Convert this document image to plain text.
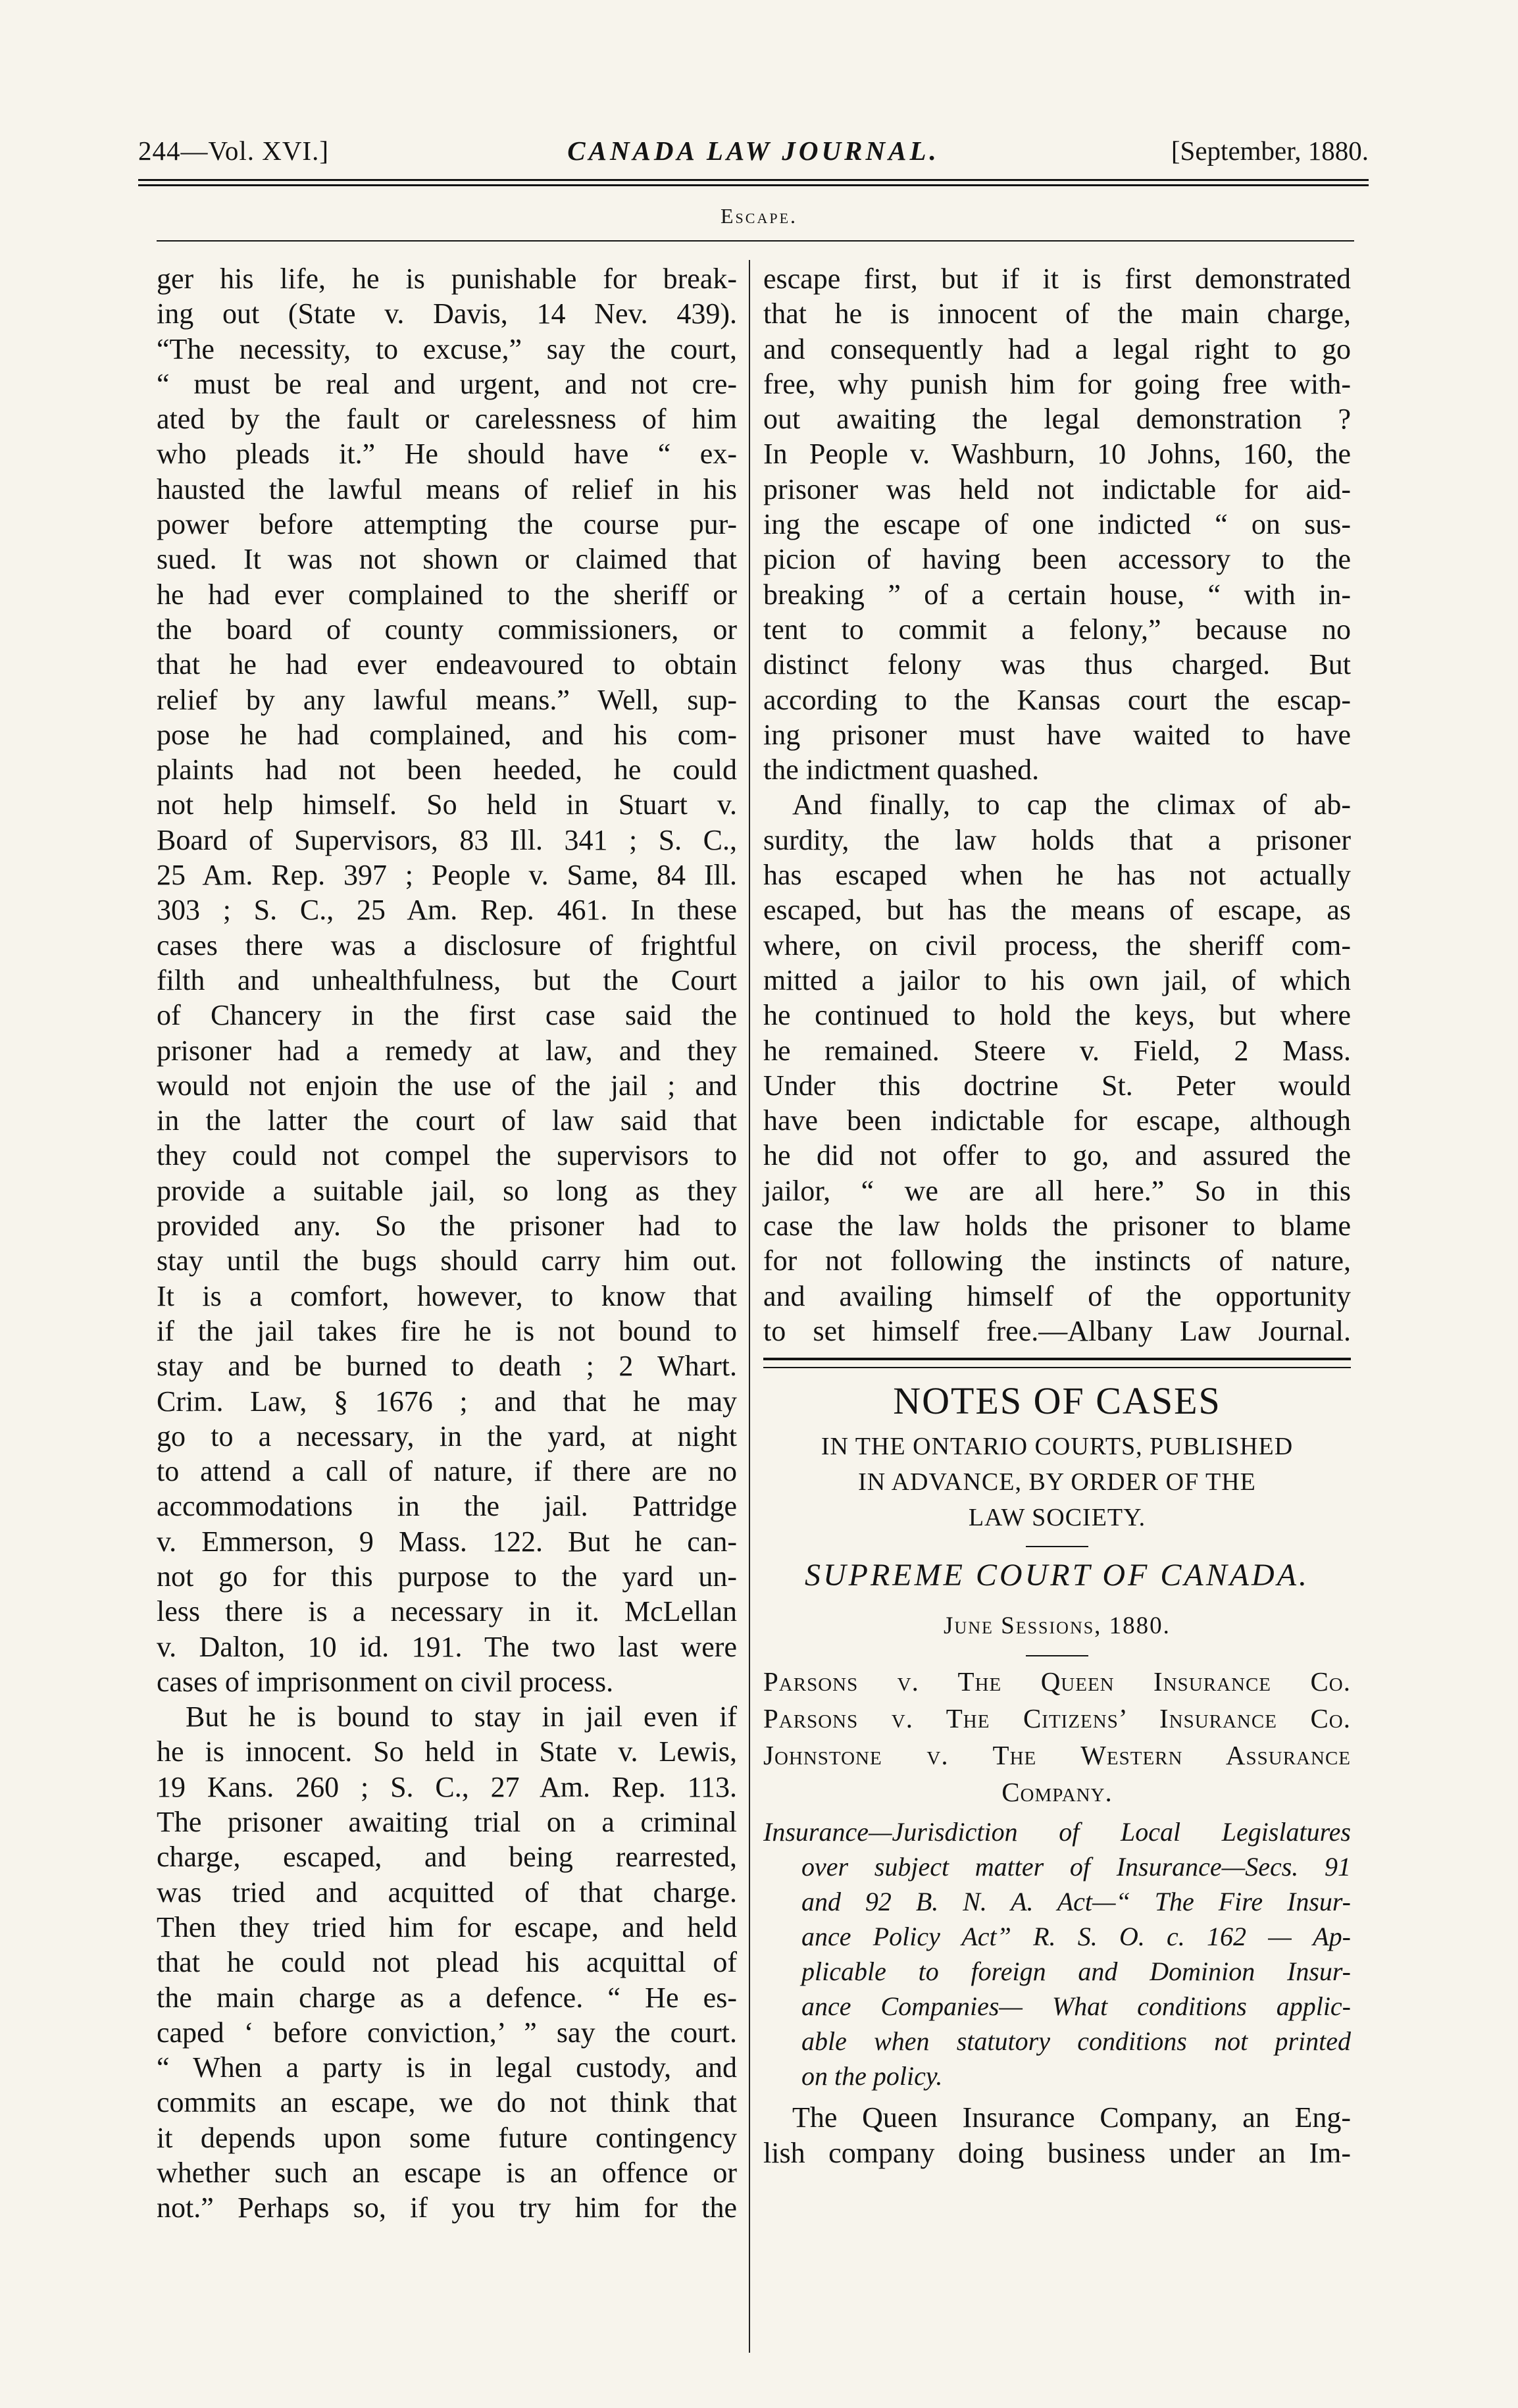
244—Vol. XVI.]	CANADA LAW JOURNAL.	[September, 1880.
Escape.
ger his life, he is punishable for break-
ing out (State v. Davis, 14 Nev. 439).
“The necessity, to excuse,” say the court,
“ must be real and urgent, and not cre-
ated by the fault or carelessness of him
who pleads it.” He should have “ ex-
hausted the lawful means of relief in his
power before attempting the course pur-
sued. It was not shown or claimed that
he had ever complained to the sheriff or
the board of county commissioners, or
that he had ever endeavoured to obtain
relief by any lawful means.” Well, sup-
pose he had complained, and his com-
plaints had not been heeded, he could
not help himself. So held in Stuart v.
Board of Supervisors, 83 Ill. 341 ; S. C.,
25 Am. Rep. 397 ; People v. Same, 84 Ill.
303 ; S. C., 25 Am. Rep. 461. In these
cases there was a disclosure of frightful
filth and unhealthfulness, but the Court
of Chancery in the first case said the
prisoner had a remedy at law, and they
would not enjoin the use of the jail ; and
in the latter the court of law said that
they could not compel the supervisors to
provide a suitable jail, so long as they
provided any. So the prisoner had to
stay until the bugs should carry him out.
It is a comfort, however, to know that
if the jail takes fire he is not bound to
stay and be burned to death ; 2 Whart.
Crim. Law, § 1676 ; and that he may
go to a necessary, in the yard, at night
to attend a call of nature, if there are no
accommodations in the jail. Pattridge
v. Emmerson, 9 Mass. 122. But he can-
not go for this purpose to the yard un-
less there is a necessary in it. McLellan
v. Dalton, 10 id. 191. The two last were
cases of imprisonment on civil process.
But he is bound to stay in jail even if
he is innocent. So held in State v. Lewis,
19 Kans. 260 ; S. C., 27 Am. Rep. 113.
The prisoner awaiting trial on a criminal
charge, escaped, and being rearrested,
was tried and acquitted of that charge.
Then they tried him for escape, and held
that he could not plead his acquittal of
the main charge as a defence. “ He es-
caped ‘ before conviction,’ ” say the court.
“ When a party is in legal custody, and
commits an escape, we do not think that
it depends upon some future contingency
whether such an escape is an offence or
not.” Perhaps so, if you try him for the
escape first, but if it is first demonstrated
that he is innocent of the main charge,
and consequently had a legal right to go
free, why punish him for going free with-
out awaiting the legal demonstration ?
In People v. Washburn, 10 Johns, 160, the
prisoner was held not indictable for aid-
ing the escape of one indicted “ on sus-
picion of having been accessory to the
breaking ” of a certain house, “ with in-
tent to commit a felony,” because no
distinct felony was thus charged. But
according to the Kansas court the escap-
ing prisoner must have waited to have
the indictment quashed.
And finally, to cap the climax of ab-
surdity, the law holds that a prisoner
has escaped when he has not actually
escaped, but has the means of escape, as
where, on civil process, the sheriff com-
mitted a jailor to his own jail, of which
he continued to hold the keys, but where
he remained. Steere v. Field, 2 Mass.
Under this doctrine St. Peter would
have been indictable for escape, although
he did not offer to go, and assured the
jailor, “ we are all here.” So in this
case the law holds the prisoner to blame
for not following the instincts of nature,
and availing himself of the opportunity
to set himself free.—Albany Law Journal.
NOTES OF CASES
IN THE ONTARIO COURTS, PUBLISHED
IN ADVANCE, BY ORDER OF THE
LAW SOCIETY.
SUPREME COURT OF CANADA.
June Sessions, 1880.
Parsons v. The Queen Insurance Co.
Parsons v. The Citizens’ Insurance Co.
Johnstone v. The Western Assurance
Company.
Insurance—Jurisdiction of Local Legislatures
over subject matter of Insurance—Secs. 91
and 92 B. N. A. Act—“ The Fire Insur-
ance Policy Act” R. S. O. c. 162 — Ap-
plicable to foreign and Dominion Insur-
ance Companies— What conditions applic-
able when statutory conditions not printed
on the policy.
The Queen Insurance Company, an Eng-
lish company doing business under an Im-
